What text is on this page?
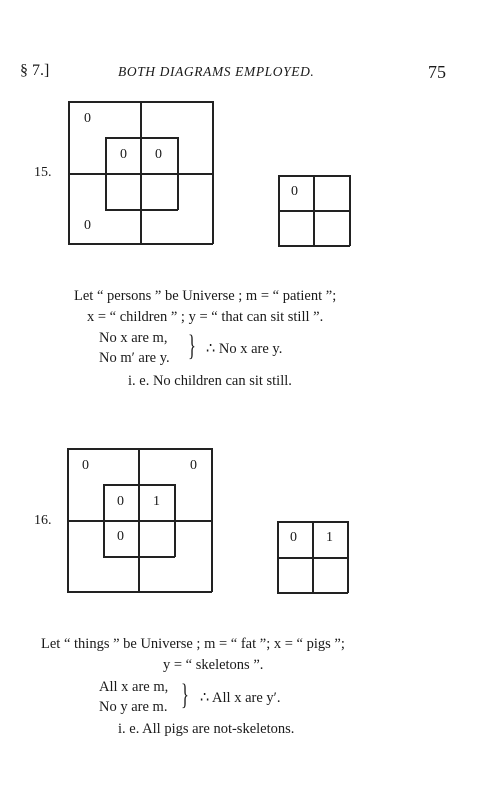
§ 7.]	BOTH DIAGRAMS EMPLOYED.	75
15.
0
0 0
0
0
Let “ persons ” be Universe ; m = “ patient ”;
x = “ children ” ; y = “ that can sit still ”.
No x are m,
No m′ are y. } ∴ No x are y.
i. e. No children can sit still.
16.
0	0
0 1
0	0 1
Let “ things ” be Universe ; m = “ fat ”; x = “ pigs ”;
y = “ skeletons ”.
All x are m,
No y are m. } ∴ All x are y′.
i. e. All pigs are not-skeletons.
